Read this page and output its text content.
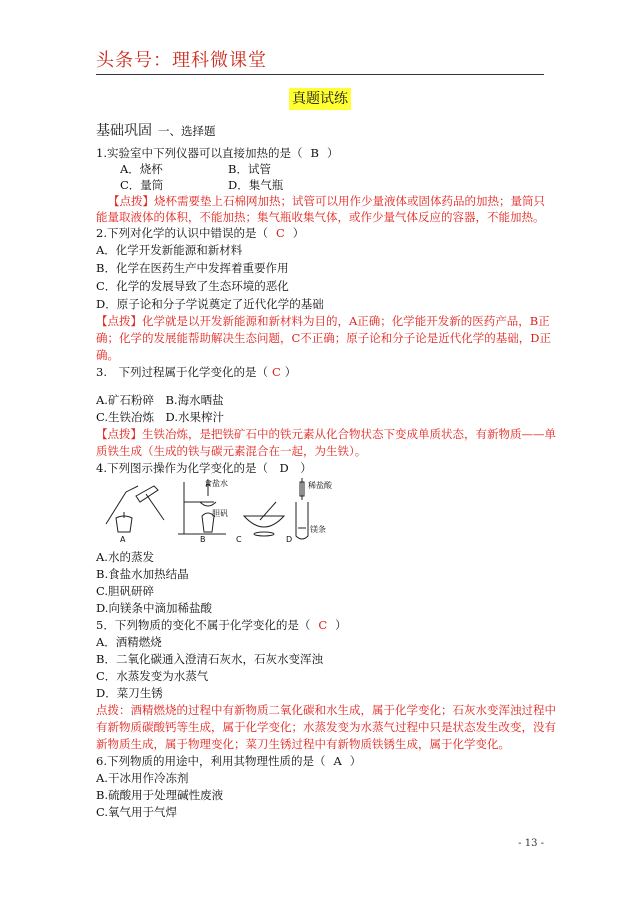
头条号：理科微课堂
真题试练
基础巩固 一、选择题
1.实验室中下列仪器可以直接加热的是（ B ）
A．烧杯	B．试管
C．量筒	D．集气瓶
【点拨】烧杯需要垫上石棉网加热；试管可以用作少量液体或固体药品的加热；量筒只
能量取液体的体积，不能加热；集气瓶收集气体，或作少量气体反应的容器，不能加热。
2.下列对化学的认识中错误的是（ C ）
A．化学开发新能源和新材料
B．化学在医药生产中发挥着重要作用
C．化学的发展导致了生态环境的恶化
D．原子论和分子学说奠定了近代化学的基础
【点拨】化学就是以开发新能源和新材料为目的，A正确；化学能开发新的医药产品，B正
确；化学的发展能帮助解决生态问题，C不正确；原子论和分子论是近代化学的基础，D正
确。
3.　下列过程属于化学变化的是（ C ）
A.矿石粉碎　B.海水晒盐
C.生铁冶炼　D.水果榨汁
【点拨】生铁冶炼，是把铁矿石中的铁元素从化合物状态下变成单质状态，有新物质——单
质铁生成（生成的铁与碳元素混合在一起，为生铁）。
4.下列图示操作为化学变化的是（　D　）
食盐水
胆矾
稀盐酸
镁条
A	B	C	D
A.水的蒸发
B.食盐水加热结晶
C.胆矾研碎
D.向镁条中滴加稀盐酸
5．下列物质的变化不属于化学变化的是（ C ）
A．酒精燃烧
B．二氧化碳通入澄清石灰水，石灰水变浑浊
C．水蒸发变为水蒸气
D．菜刀生锈
点拨：酒精燃烧的过程中有新物质二氧化碳和水生成，属于化学变化；石灰水变浑浊过程中
有新物质碳酸钙等生成，属于化学变化；水蒸发变为水蒸气过程中只是状态发生改变，没有
新物质生成，属于物理变化；菜刀生锈过程中有新物质铁锈生成，属于化学变化。
6.下列物质的用途中，利用其物理性质的是（ A ）
A.干冰用作冷冻剂
B.硫酸用于处理碱性废液
C.氧气用于气焊
- 13 -
